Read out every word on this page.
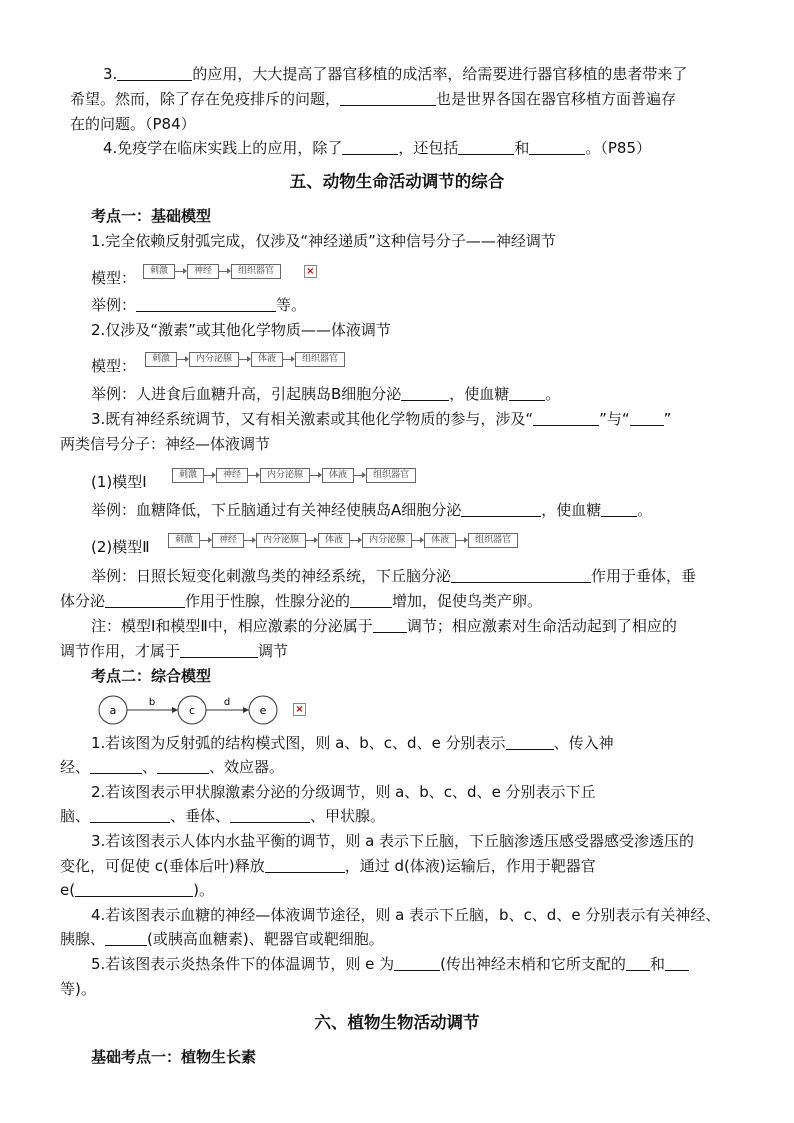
3.	的应用，大大提高了器官移植的成活率，给需要进行器官移植的患者带来了
希望。然而，除了存在免疫排斥的问题，	也是世界各国在器官移植方面普遍存
在的问题。（P84）
4.免疫学在临床实践上的应用，除了	，还包括	和	。（P85）
五、动物生命活动调节的综合
考点一：基础模型
1.完全依赖反射弧完成，仅涉及“神经递质”这种信号分子——神经调节
模型：	刺激	神经	组织器官	×
举例：	等。
2.仅涉及“激素”或其他化学物质——体液调节
模型：	刺激	内分泌腺	体液	组织器官
举例：人进食后血糖升高，引起胰岛B细胞分泌	，使血糖 。
3.既有神经系统调节，又有相关激素或其他化学物质的参与，涉及“	”与“ ”
两类信号分子：神经—体液调节
(1)模型Ⅰ	刺激	神经	内分泌腺	体液	组织器官
举例：血糖降低，下丘脑通过有关神经使胰岛A细胞分泌	，使血糖 。
(2)模型Ⅱ	刺激	神经	内分泌腺	体液	内分泌腺	体液	组织器官
举例：日照长短变化刺激鸟类的神经系统，下丘脑分泌	作用于垂体，垂
体分泌	作用于性腺，性腺分泌的	增加，促使鸟类产卵。
注：模型Ⅰ和模型Ⅱ中，相应激素的分泌属于 调节；相应激素对生命活动起到了相应的
调节作用，才属于	调节
考点二：综合模型
a	c	e
b	d
×
1.若该图为反射弧的结构模式图，则 a、b、c、d、e 分别表示	、传入神
经、	、	、效应器。
2.若该图表示甲状腺激素分泌的分级调节，则 a、b、c、d、e 分别表示下丘
脑、	、垂体、	、甲状腺。
3.若该图表示人体内水盐平衡的调节，则 a 表示下丘脑，下丘脑渗透压感受器感受渗透压的
变化，可促使 c(垂体后叶)释放	，通过 d(体液)运输后，作用于靶器官
e(	)。
4.若该图表示血糖的神经—体液调节途径，则 a 表示下丘脑，b、c、d、e 分别表示有关神经、
胰腺、	(或胰高血糖素)、靶器官或靶细胞。
5.若该图表示炎热条件下的体温调节，则 e 为	(传出神经末梢和它所支配的 和
等)。
六、植物生物活动调节
基础考点一：植物生长素
